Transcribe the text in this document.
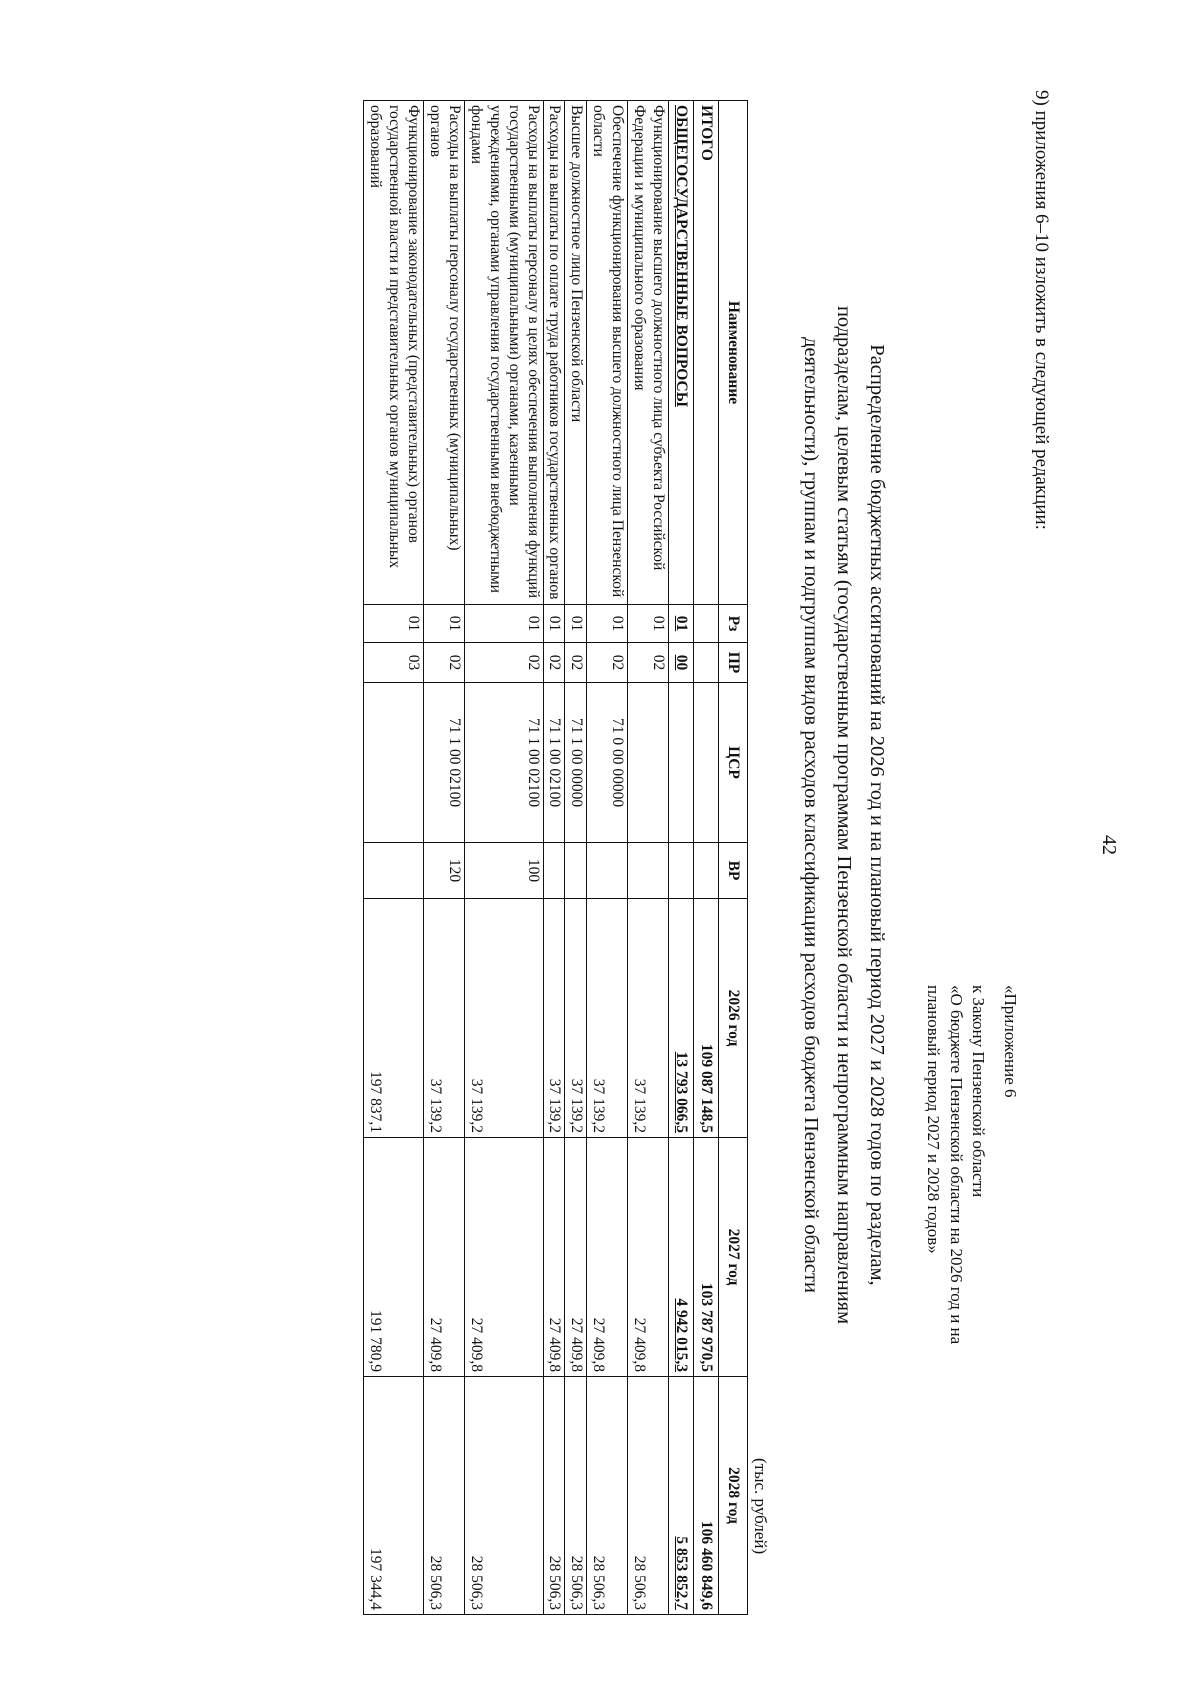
42
9) приложения 6–10 изложить в следующей редакции:
«Приложение 6
к Закону Пензенской области
«О бюджете Пензенской области на 2026 год и на
плановый период 2027 и 2028 годов»
Распределение бюджетных ассигнований на 2026 год и на плановый период 2027 и 2028 годов по разделам,
подразделам, целевым статьям (государственным программам Пензенской области и непрограммным направлениям
деятельности), группам и подгруппам видов расходов классификации расходов бюджета Пензенской области
(тыс. рублей)
Наименование	Рз	ПР	ЦСР	ВР	2026 год	2027 год	2028 год
ИТОГО					109 087 148,5	103 787 970,5	106 460 849,6
ОБЩЕГОСУДАРСТВЕННЫЕ ВОПРОСЫ	01	00			13 793 066,5	4 942 015,3	5 853 852,7
Функционирование высшего должностного лица субъекта Российской Федерации и муниципального образования	01	02			37 139,2	27 409,8	28 506,3
Обеспечение функционирования высшего должностного лица Пензенской области	01	02	71 0 00 00000		37 139,2	27 409,8	28 506,3
Высшее должностное лицо Пензенской области	01	02	71 1 00 00000		37 139,2	27 409,8	28 506,3
Расходы на выплаты по оплате труда работников государственных органов	01	02	71 1 00 02100		37 139,2	27 409,8	28 506,3
Расходы на выплаты персоналу в целях обеспечения выполнения функций государственными (муниципальными) органами, казенными учреждениями, органами управления государственными внебюджетными фондами	01	02	71 1 00 02100	100	37 139,2	27 409,8	28 506,3
Расходы на выплаты персоналу государственных (муниципальных) органов	01	02	71 1 00 02100	120	37 139,2	27 409,8	28 506,3
Функционирование законодательных (представительных) органов государственной власти и представительных органов муниципальных образований	01	03			197 837,1	191 780,9	197 344,4
